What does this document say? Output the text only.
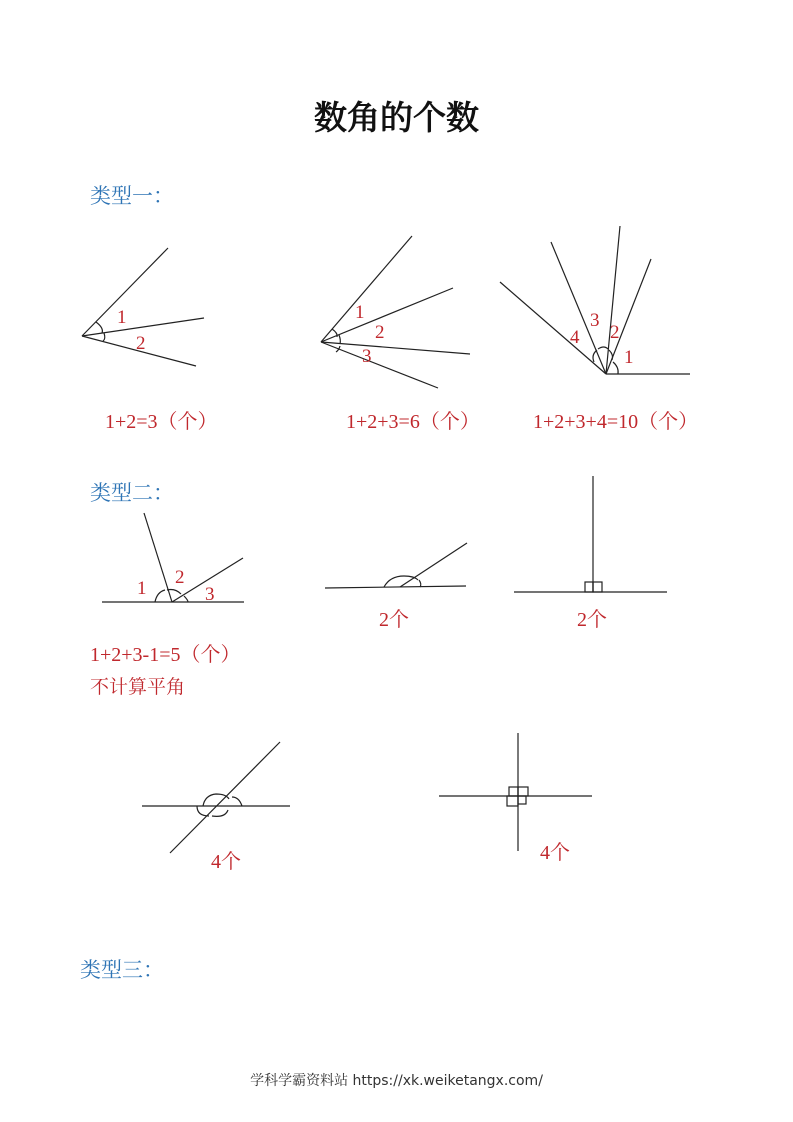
数角的个数
类型一：
1
2
1
2
3
4
3
2
1
1
2
3
1+2=3（个）	1+2+3=6（个）	1+2+3+4=10（个）
类型二：
1+2+3-1=5（个）
不计算平角
2个	2个
4个	4个
类型三：
学科学霸资料站 https://xk.weiketangx.com/
